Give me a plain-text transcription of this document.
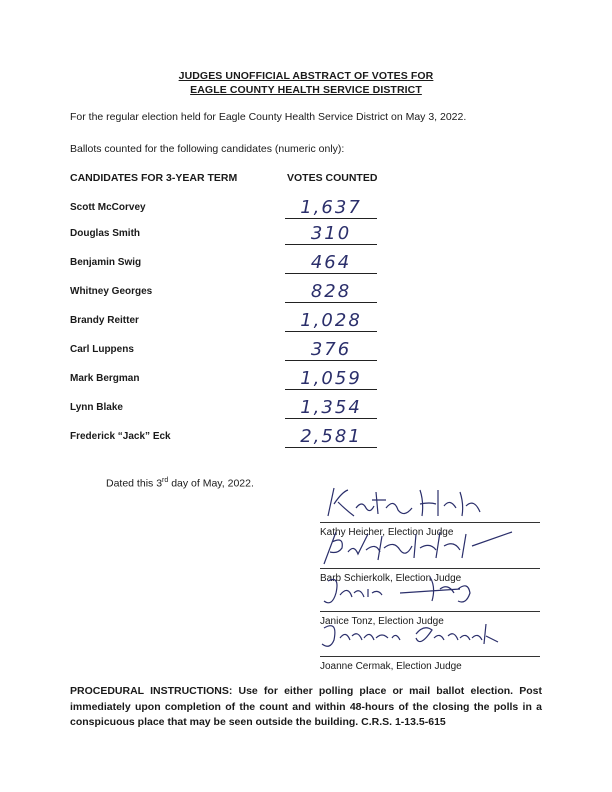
JUDGES UNOFFICIAL ABSTRACT OF VOTES FOR
EAGLE COUNTY HEALTH SERVICE DISTRICT
For the regular election held for Eagle County Health Service District on May 3, 2022.
Ballots counted for the following candidates (numeric only):
CANDIDATES FOR 3-YEAR TERM	VOTES COUNTED
Scott McCorvey	1,637
Douglas Smith	310
Benjamin Swig	464
Whitney Georges	828
Brandy Reitter	1,028
Carl Luppens	376
Mark Bergman	1,059
Lynn Blake	1,354
Frederick “Jack” Eck	2,581
Dated this 3rd day of May, 2022.
Kathy Heicher, Election Judge
Barb Schierkolk, Election Judge
Janice Tonz, Election Judge
Joanne Cermak, Election Judge
PROCEDURAL INSTRUCTIONS: Use for either polling place or mail ballot election. Post immediately upon completion of the count and within 48-hours of the closing the polls in a conspicuous place that may be seen outside the building. C.R.S. 1-13.5-615
